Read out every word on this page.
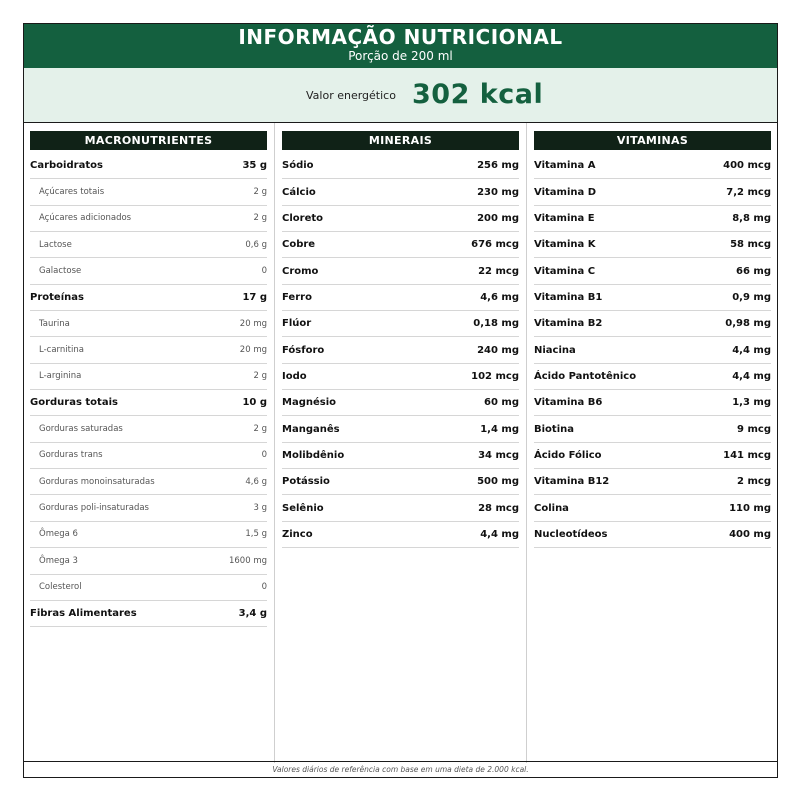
INFORMAÇÃO NUTRICIONAL
Porção de 200 ml
Valor energético 302 kcal
MACRONUTRIENTES
Carboidratos	35 g
Açúcares totais	2 g
Açúcares adicionados	2 g
Lactose	0,6 g
Galactose	0
Proteínas	17 g
Taurina	20 mg
L-carnitina	20 mg
L-arginina	2 g
Gorduras totais	10 g
Gorduras saturadas	2 g
Gorduras trans	0
Gorduras monoinsaturadas	4,6 g
Gorduras poli-insaturadas	3 g
Ômega 6	1,5 g
Ômega 3	1600 mg
Colesterol	0
Fibras Alimentares	3,4 g
MINERAIS
Sódio	256 mg
Cálcio	230 mg
Cloreto	200 mg
Cobre	676 mcg
Cromo	22 mcg
Ferro	4,6 mg
Flúor	0,18 mg
Fósforo	240 mg
Iodo	102 mcg
Magnésio	60 mg
Manganês	1,4 mg
Molibdênio	34 mcg
Potássio	500 mg
Selênio	28 mcg
Zinco	4,4 mg
VITAMINAS
Vitamina A	400 mcg
Vitamina D	7,2 mcg
Vitamina E	8,8 mg
Vitamina K	58 mcg
Vitamina C	66 mg
Vitamina B1	0,9 mg
Vitamina B2	0,98 mg
Niacina	4,4 mg
Ácido Pantotênico	4,4 mg
Vitamina B6	1,3 mg
Biotina	9 mcg
Ácido Fólico	141 mcg
Vitamina B12	2 mcg
Colina	110 mg
Nucleotídeos	400 mg
Valores diários de referência com base em uma dieta de 2.000 kcal.
